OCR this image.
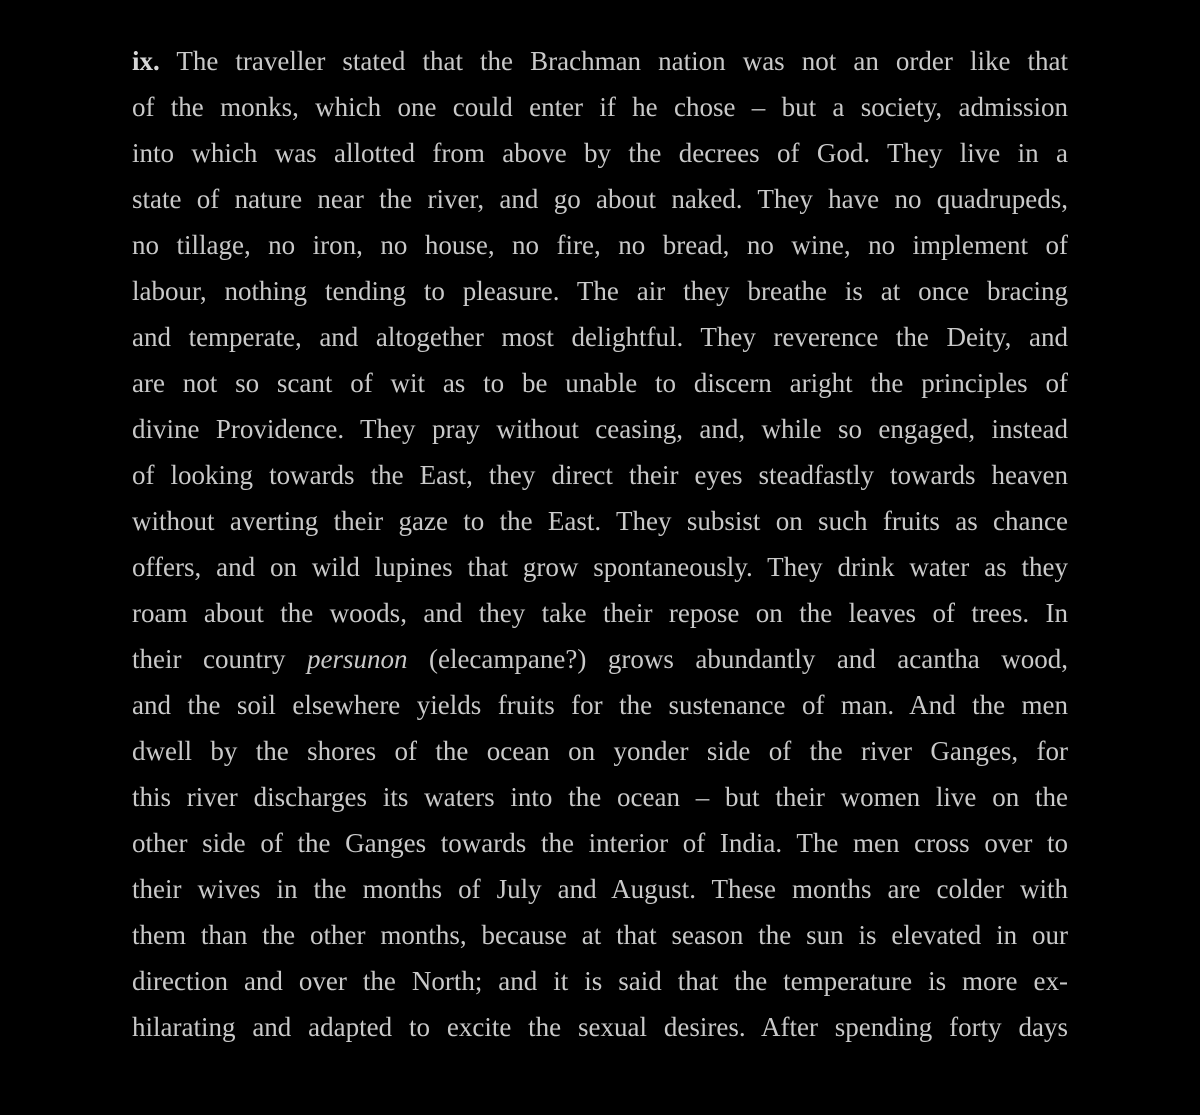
ix. The traveller stated that the Brachman nation was not an order like that
of the monks, which one could enter if he chose – but a society, admission
into which was allotted from above by the decrees of God. They live in a
state of nature near the river, and go about naked. They have no quadrupeds,
no tillage, no iron, no house, no fire, no bread, no wine, no implement of
labour, nothing tending to pleasure. The air they breathe is at once bracing
and temperate, and altogether most delightful. They reverence the Deity, and
are not so scant of wit as to be unable to discern aright the principles of
divine Providence. They pray without ceasing, and, while so engaged, instead
of looking towards the East, they direct their eyes steadfastly towards heaven
without averting their gaze to the East. They subsist on such fruits as chance
offers, and on wild lupines that grow spontaneously. They drink water as they
roam about the woods, and they take their repose on the leaves of trees. In
their country persunon (elecampane?) grows abundantly and acantha wood,
and the soil elsewhere yields fruits for the sustenance of man. And the men
dwell by the shores of the ocean on yonder side of the river Ganges, for
this river discharges its waters into the ocean – but their women live on the
other side of the Ganges towards the interior of India. The men cross over to
their wives in the months of July and August. These months are colder with
them than the other months, because at that season the sun is elevated in our
direction and over the North; and it is said that the temperature is more ex-
hilarating and adapted to excite the sexual desires. After spending forty days
